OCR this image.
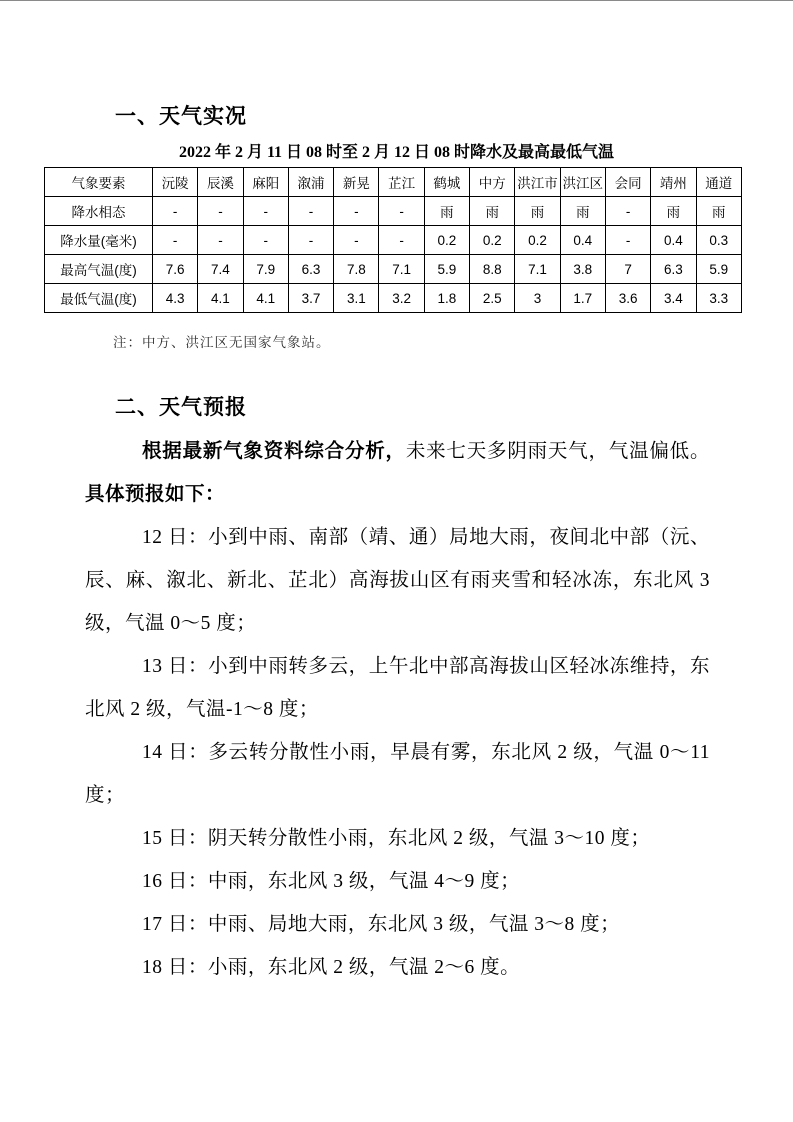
一、天气实况
2022 年 2 月 11 日 08 时至 2 月 12 日 08 时降水及最高最低气温
气象要素	沅陵	辰溪	麻阳	溆浦	新晃	芷江	鹤城	中方	洪江市	洪江区	会同	靖州	通道
降水相态	-	-	-	-	-	-	雨	雨	雨	雨	-	雨	雨
降水量(毫米)	-	-	-	-	-	-	0.2	0.2	0.2	0.4	-	0.4	0.3
最高气温(度)	7.6	7.4	7.9	6.3	7.8	7.1	5.9	8.8	7.1	3.8	7	6.3	5.9
最低气温(度)	4.3	4.1	4.1	3.7	3.1	3.2	1.8	2.5	3	1.7	3.6	3.4	3.3
注：中方、洪江区无国家气象站。
二、天气预报

根据最新气象资料综合分析，未来七天多阴雨天气，气温偏低。具体预报如下：

12 日：小到中雨、南部（靖、通）局地大雨，夜间北中部（沅、辰、麻、溆北、新北、芷北）高海拔山区有雨夹雪和轻冰冻，东北风 3 级，气温 0～5 度；

13 日：小到中雨转多云，上午北中部高海拔山区轻冰冻维持，东北风 2 级，气温-1～8 度；

14 日：多云转分散性小雨，早晨有雾，东北风 2 级，气温 0～11 度；

15 日：阴天转分散性小雨，东北风 2 级，气温 3～10 度；

16 日：中雨，东北风 3 级，气温 4～9 度；

17 日：中雨、局地大雨，东北风 3 级，气温 3～8 度；

18 日：小雨，东北风 2 级，气温 2～6 度。
